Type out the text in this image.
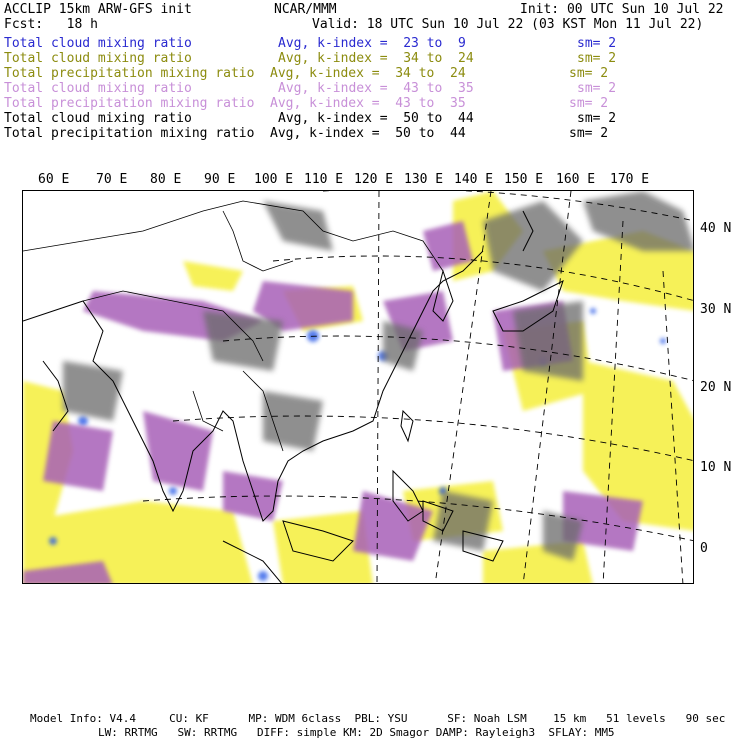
ACCLIP 15km ARW-GFS init	NCAR/MMM	Init: 00 UTC Sun 10 Jul 22
Fcst:   18 h	Valid: 18 UTC Sun 10 Jul 22 (03 KST Mon 11 Jul 22)
Total cloud mixing ratio	Avg, k-index =  23 to  9	sm= 2
Total cloud mixing ratio	Avg, k-index =  34 to  24	sm= 2
Total precipitation mixing ratio Avg, k-index =  34 to  24	sm= 2
Total cloud mixing ratio	Avg, k-index =  43 to  35	sm= 2
Total precipitation mixing ratio Avg, k-index =  43 to  35	sm= 2
Total cloud mixing ratio	Avg, k-index =  50 to  44	sm= 2
Total precipitation mixing ratio Avg, k-index =  50 to  44	sm= 2
60 E 70 E 80 E 90 E 100 E 110 E 120 E 130 E 140 E 150 E 160 E 170 E
40 N
30 N
20 N
10 N
0
Model Info: V4.4     CU: KF      MP: WDM 6class  PBL: YSU      SF: Noah LSM    15 km   51 levels   90 sec
LW: RRTMG   SW: RRTMG   DIFF: simple KM: 2D Smagor DAMP: Rayleigh3  SFLAY: MM5
